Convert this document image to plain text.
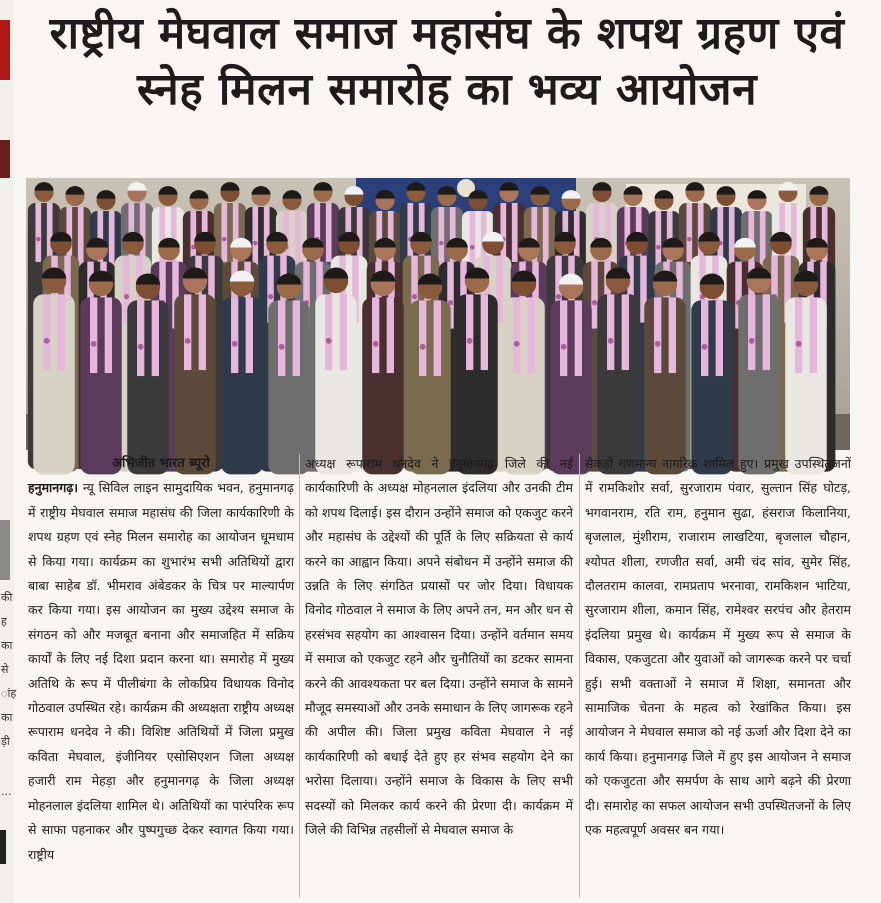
की
ह
का
से
ांह
का
ड़ी
...
राष्ट्रीय मेघवाल समाज महासंघ के शपथ ग्रहण एवं स्नेह मिलन समारोह का भव्य आयोजन
अभिजीत भारत ब्यूरो

हनुमानगढ़। न्यू सिविल लाइन सामुदायिक भवन, हनुमानगढ़ में राष्ट्रीय मेघवाल समाज महासंघ की जिला कार्यकारिणी के शपथ ग्रहण एवं स्नेह मिलन समारोह का आयोजन धूमधाम से किया गया। कार्यक्रम का शुभारंभ सभी अतिथियों द्वारा बाबा साहेब डॉ. भीमराव अंबेडकर के चित्र पर माल्यार्पण कर किया गया। इस आयोजन का मुख्य उद्देश्य समाज के संगठन को और मजबूत बनाना और समाजहित में सक्रिय कार्यों के लिए नई दिशा प्रदान करना था। समारोह में मुख्य अतिथि के रूप में पीलीबंगा के लोकप्रिय विधायक विनोद गोठवाल उपस्थित रहे। कार्यक्रम की अध्यक्षता राष्ट्रीय अध्यक्ष रूपाराम धनदेव ने की। विशिष्ट अतिथियों में जिला प्रमुख कविता मेघवाल, इंजीनियर एसोसिएशन जिला अध्यक्ष हजारी राम मेहड़ा और हनुमानगढ़ के जिला अध्यक्ष मोहनलाल इंदलिया शामिल थे। अतिथियों का पारंपरिक रूप से साफा पहनाकर और पुष्पगुच्छ देकर स्वागत किया गया। राष्ट्रीय

अध्यक्ष रूपाराम धनदेव ने हनुमानगढ़ जिले की नई कार्यकारिणी के अध्यक्ष मोहनलाल इंदलिया और उनकी टीम को शपथ दिलाई। इस दौरान उन्होंने समाज को एकजुट करने और महासंघ के उद्देश्यों की पूर्ति के लिए सक्रियता से कार्य करने का आह्वान किया। अपने संबोधन में उन्होंने समाज की उन्नति के लिए संगठित प्रयासों पर जोर दिया। विधायक विनोद गोठवाल ने समाज के लिए अपने तन, मन और धन से हरसंभव सहयोग का आश्वासन दिया। उन्होंने वर्तमान समय में समाज को एकजुट रहने और चुनौतियों का डटकर सामना करने की आवश्यकता पर बल दिया। उन्होंने समाज के सामने मौजूद समस्याओं और उनके समाधान के लिए जागरूक रहने की अपील की। जिला प्रमुख कविता मेघवाल ने नई कार्यकारिणी को बधाई देते हुए हर संभव सहयोग देने का भरोसा दिलाया। उन्होंने समाज के विकास के लिए सभी सदस्यों को मिलकर कार्य करने की प्रेरणा दी। कार्यक्रम में जिले की विभिन्न तहसीलों से मेघवाल समाज के

सैकड़ों गणमान्य नागरिक शामिल हुए। प्रमुख उपस्थितजनों में रामकिशोर सर्वा, सुरजाराम पंवार, सुल्तान सिंह घोटड़, भगवानराम, रति राम, हनुमान सुढा, हंसराज किलानिया, बृजलाल, मुंशीराम, राजाराम लाखटिया, बृजलाल चौहान, श्योपत शीला, रणजीत सर्वा, अमी चंद सांव, सुमेर सिंह, दौलतराम कालवा, रामप्रताप भरनावा, रामकिशन भाटिया, सुरजाराम शीला, कमान सिंह, रामेश्वर सरपंच और हेतराम इंदलिया प्रमुख थे। कार्यक्रम में मुख्य रूप से समाज के विकास, एकजुटता और युवाओं को जागरूक करने पर चर्चा हुई। सभी वक्ताओं ने समाज में शिक्षा, समानता और सामाजिक चेतना के महत्व को रेखांकित किया। इस आयोजन ने मेघवाल समाज को नई ऊर्जा और दिशा देने का कार्य किया। हनुमानगढ़ जिले में हुए इस आयोजन ने समाज को एकजुटता और समर्पण के साथ आगे बढ़ने की प्रेरणा दी। समारोह का सफल आयोजन सभी उपस्थितजनों के लिए एक महत्वपूर्ण अवसर बन गया।
